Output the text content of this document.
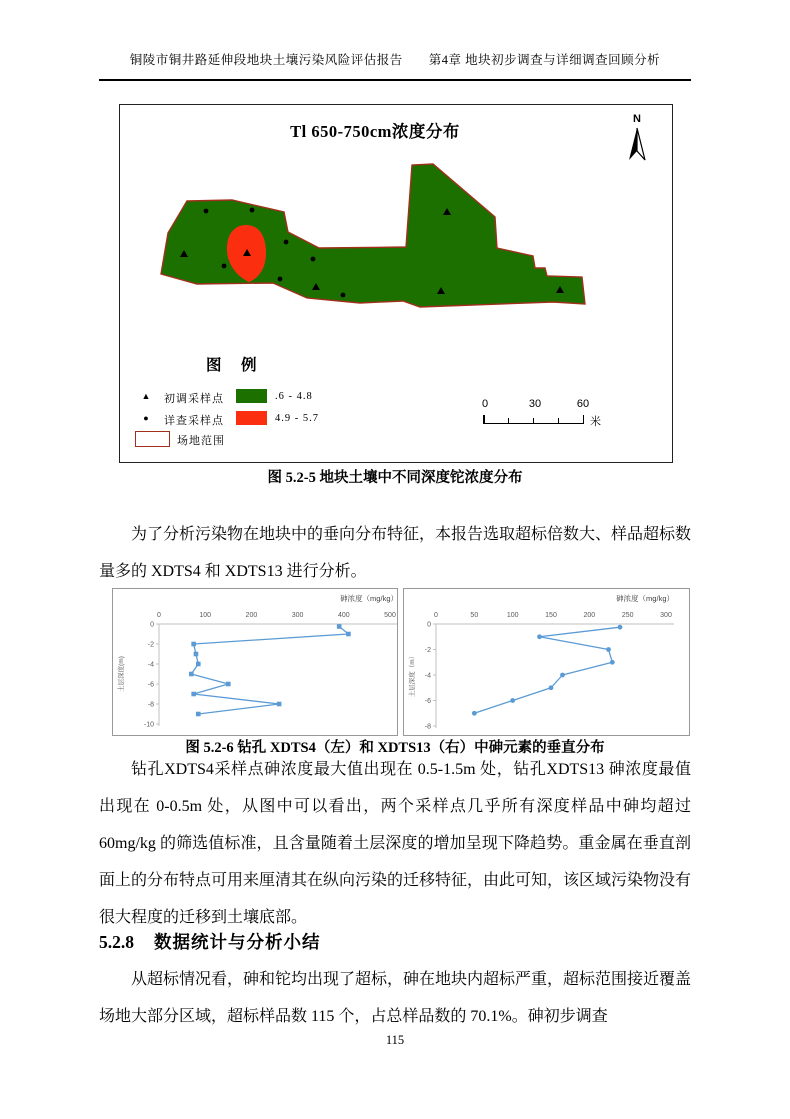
铜陵市铜井路延伸段地块土壤污染风险评估报告　　第4章 地块初步调查与详细调查回顾分析
Tl 650-750cm浓度分布
N
图　例
▲	初调采样点	.6 - 4.8
●	详查采样点	4.9 - 5.7
场地范围
0	30	60
米
图 5.2-5 地块土壤中不同深度铊浓度分布
为了分析污染物在地块中的垂向分布特征，本报告选取超标倍数大、样品超标数量多的 XDTS4 和 XDTS13 进行分析。
0	100	200	300	400	500
0
-2
-4
-6
-8
-10
砷浓度（mg/kg）
土层深度(m)
0	50	100	150	200	250	300
0
-2
-4
-6
-8
砷浓度（mg/kg）
土层深度（m）
图 5.2-6 钻孔 XDTS4（左）和 XDTS13（右）中砷元素的垂直分布
钻孔XDTS4采样点砷浓度最大值出现在 0.5-1.5m 处，钻孔XDTS13 砷浓度最值出现在 0-0.5m 处，从图中可以看出，两个采样点几乎所有深度样品中砷均超过60mg/kg 的筛选值标准，且含量随着土层深度的增加呈现下降趋势。重金属在垂直剖面上的分布特点可用来厘清其在纵向污染的迁移特征，由此可知，该区域污染物没有很大程度的迁移到土壤底部。
5.2.8 数据统计与分析小结
从超标情况看，砷和铊均出现了超标，砷在地块内超标严重，超标范围接近覆盖场地大部分区域，超标样品数 115 个，占总样品数的 70.1%。砷初步调查
115
